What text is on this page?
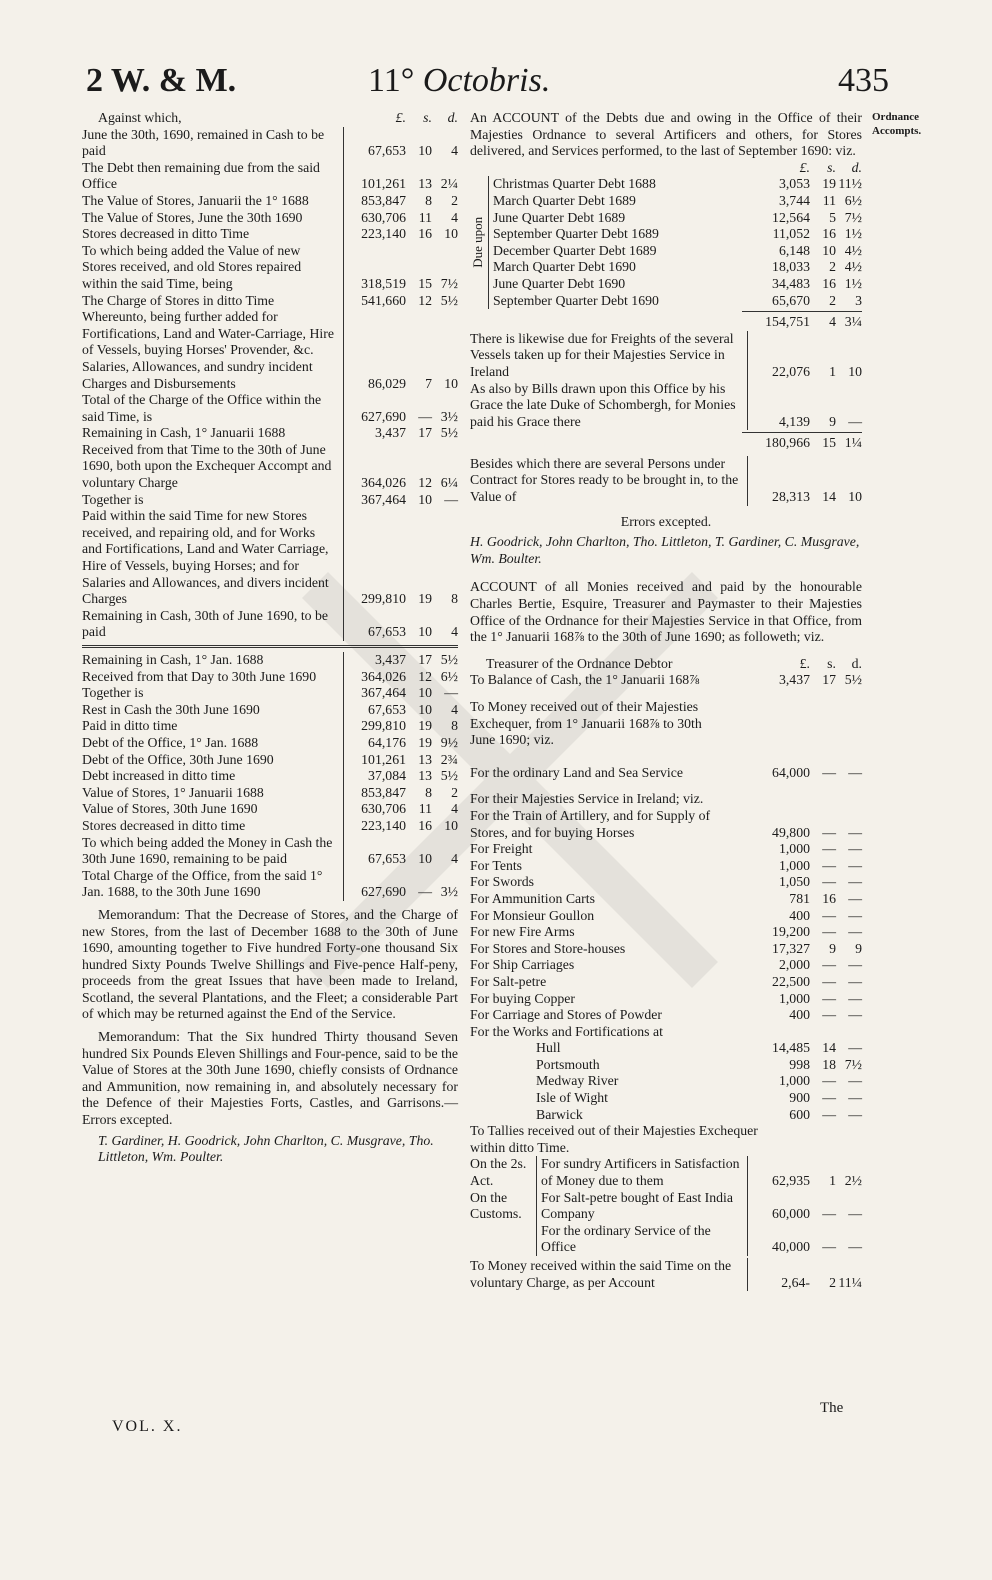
2 W. & M.	11° Octobris.	435
Ordnance
Accompts.
Against which,	£.	s.	d.
June the 30th, 1690, remained in Cash to be paid	67,653 10	4
The Debt then remaining due from the said Office	101,261 13 2¼
The Value of Stores, Januarii the 1° 1688	853,847	8	2
The Value of Stores, June the 30th 1690	630,706 11	4
Stores decreased in ditto Time	223,140 16 10
To which being added the Value of new Stores received, and old Stores repaired within the said Time, being	318,519 15 7½
The Charge of Stores in ditto Time	541,660 12 5½
Whereunto, being further added for Fortifications, Land and Water-Carriage, Hire of Vessels, buying Horses' Provender, &c. Salaries, Allowances, and sundry incident Charges and Disbursements	86,029	7 10
Total of the Charge of the Office within the said Time, is	627,690 — 3½
Remaining in Cash, 1° Januarii 1688	3,437 17 5½
Received from that Time to the 30th of June 1690, both upon the Exchequer Accompt and voluntary Charge	364,026 12 6¼
Together is	367,464 10 —
Paid within the said Time for new Stores received, and repairing old, and for Works and Fortifications, Land and Water Carriage, Hire of Vessels, buying Horses; and for Salaries and Allowances, and divers incident Charges	299,810 19	8
Remaining in Cash, 30th of June 1690, to be paid	67,653 10	4
Remaining in Cash, 1° Jan. 1688	3,437 17 5½
Received from that Day to 30th June 1690	364,026 12 6½
Together is	367,464 10 —
Rest in Cash the 30th June 1690	67,653 10	4
Paid in ditto time	299,810 19	8
Debt of the Office, 1° Jan. 1688	64,176 19 9½
Debt of the Office, 30th June 1690	101,261 13 2¾
Debt increased in ditto time	37,084 13 5½
Value of Stores, 1° Januarii 1688	853,847	8	2
Value of Stores, 30th June 1690	630,706 11	4
Stores decreased in ditto time	223,140 16 10
To which being added the Money in Cash the 30th June 1690, remaining to be paid	67,653 10	4
Total Charge of the Office, from the said 1° Jan. 1688, to the 30th June 1690	627,690 — 3½

Memorandum: That the Decrease of Stores, and the Charge of new Stores, from the last of December 1688 to the 30th of June 1690, amounting together to Five hundred Forty-one thousand Six hundred Sixty Pounds Twelve Shillings and Five-pence Half-peny, proceeds from the great Issues that have been made to Ireland, Scotland, the several Plantations, and the Fleet; a considerable Part of which may be returned against the End of the Service.

Memorandum: That the Six hundred Thirty thousand Seven hundred Six Pounds Eleven Shillings and Four-pence, said to be the Value of Stores at the 30th June 1690, chiefly consists of Ordnance and Ammunition, now remaining in, and absolutely necessary for the Defence of their Majesties Forts, Castles, and Garrisons.—Errors excepted.

T. Gardiner, H. Goodrick, John Charlton, C. Musgrave, Tho. Littleton, Wm. Poulter.

An ACCOUNT of the Debts due and owing in the Office of their Majesties Ordnance to several Artificers and others, for Stores delivered, and Services performed, to the last of September 1690: viz.

£.	s.	d.
Due upon
Christmas Quarter Debt 1688	3,053 19 11½
March Quarter Debt 1689	3,744 11 6½
June Quarter Debt 1689	12,564	5 7½
September Quarter Debt 1689	11,052 16 1½
December Quarter Debt 1689	6,148 10 4½
March Quarter Debt 1690	18,033	2 4½
June Quarter Debt 1690	34,483 16 1½
September Quarter Debt 1690	65,670	2	3
154,751	4 3¼
There is likewise due for Freights of the several Vessels taken up for their Majesties Service in Ireland	22,076	1 10
As also by Bills drawn upon this Office by his Grace the late Duke of Schombergh, for Monies paid his Grace there	4,139	9 —
180,966 15 1¼
Besides which there are several Persons under Contract for Stores ready to be brought in, to the Value of	28,313 14 10
Errors excepted.

H. Goodrick, John Charlton, Tho. Littleton, T. Gardiner, C. Musgrave, Wm. Boulter.

ACCOUNT of all Monies received and paid by the honourable Charles Bertie, Esquire, Treasurer and Paymaster to their Majesties Office of the Ordnance for their Majesties Service in that Office, from the 1° Januarii 168⅞ to the 30th of June 1690; as followeth; viz.

Treasurer of the Ordnance Debtor	£.	s.	d.
To Balance of Cash, the 1° Januarii 168⅞	3,437 17 5½
To Money received out of their Majesties Exchequer, from 1° Januarii 168⅞ to 30th June 1690; viz.
For the ordinary Land and Sea Service	64,000 — —
For their Majesties Service in Ireland; viz.
For the Train of Artillery, and for Supply of Stores, and for buying Horses	49,800 — —
For Freight	1,000 — —
For Tents	1,000 — —
For Swords	1,050 — —
For Ammunition Carts	781 16 —
For Monsieur Goullon	400 — —
For new Fire Arms	19,200 — —
For Stores and Store-houses	17,327	9	9
For Ship Carriages	2,000 — —
For Salt-petre	22,500 — —
For buying Copper	1,000 — —
For Carriage and Stores of Powder	400 — —
For the Works and Fortifications at
Hull	14,485 14 —
Portsmouth	998 18 7½
Medway River	1,000 — —
Isle of Wight	900 — —
Barwick	600 — —
To Tallies received out of their Majesties Exchequer within ditto Time.
On the 2s. Act.
For sundry Artificers in Satisfaction of Money due to them	62,935	1 2½
On the Customs.
For Salt-petre bought of East India Company	60,000 — —
For the ordinary Service of the Office	40,000 — —
To Money received within the said Time on the voluntary Charge, as per Account	2,64-	2 11¼
VOL. X.
The
